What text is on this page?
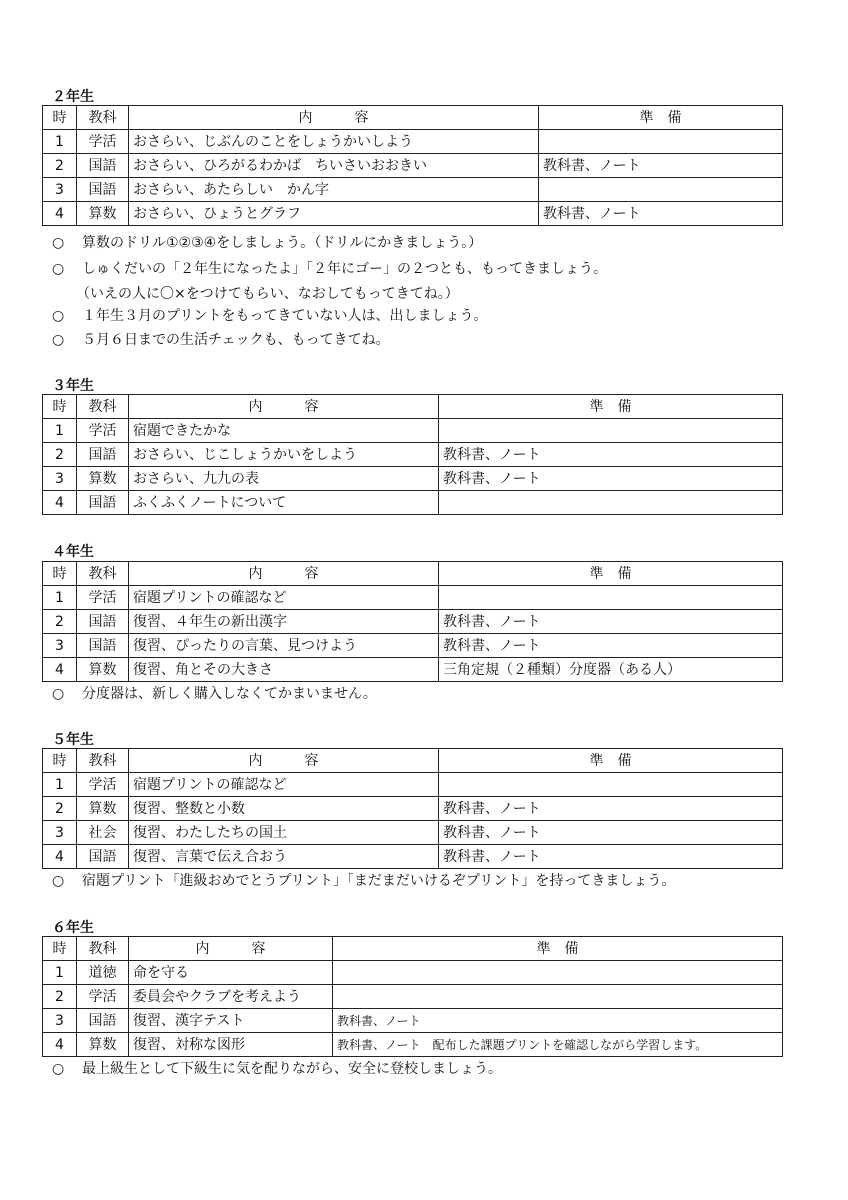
２年生
時	教科	内　　　容	準　備
1	学活	おさらい、じぶんのことをしょうかいしよう	
2	国語	おさらい、ひろがるわかば　ちいさいおおきい	教科書、ノート
3	国語	おさらい、あたらしい　かん字	
4	算数	おさらい、ひょうとグラフ	教科書、ノート
○ 算数のドリル①②③④をしましょう。（ドリルにかきましょう。）
○ しゅくだいの「２年生になったよ」「２年にゴー」の２つとも、もってきましょう。
（いえの人に〇×をつけてもらい、なおしてもってきてね。）
○ １年生３月のプリントをもってきていない人は、出しましょう。
○ ５月６日までの生活チェックも、もってきてね。
３年生
時	教科	内　　　容	準　備
1	学活	宿題できたかな	
2	国語	おさらい、じこしょうかいをしよう	教科書、ノート
3	算数	おさらい、九九の表	教科書、ノート
4	国語	ふくふくノートについて	
４年生
時	教科	内　　　容	準　備
1	学活	宿題プリントの確認など	
2	国語	復習、４年生の新出漢字	教科書、ノート
3	国語	復習、ぴったりの言葉、見つけよう	教科書、ノート
4	算数	復習、角とその大きさ	三角定規（２種類）分度器（ある人）
○ 分度器は、新しく購入しなくてかまいません。
５年生
時	教科	内　　　容	準　備
1	学活	宿題プリントの確認など	
2	算数	復習、整数と小数	教科書、ノート
3	社会	復習、わたしたちの国土	教科書、ノート
4	国語	復習、言葉で伝え合おう	教科書、ノート
○ 宿題プリント「進級おめでとうプリント」「まだまだいけるぞプリント」を持ってきましょう。
６年生
時	教科	内　　　容	準　備
1	道徳	命を守る	
2	学活	委員会やクラブを考えよう	
3	国語	復習、漢字テスト	教科書、ノート
4	算数	復習、対称な図形	教科書、ノート　配布した課題プリントを確認しながら学習します。
○ 最上級生として下級生に気を配りながら、安全に登校しましょう。
